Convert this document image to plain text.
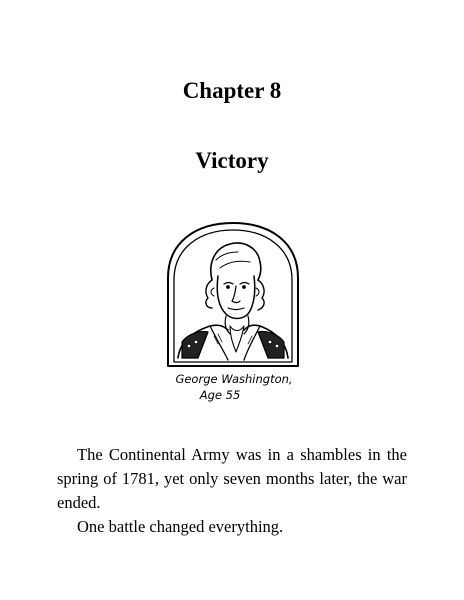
Chapter 8
Victory
George Washington,
Age 55

The Continental Army was in a shambles in the spring of 1781, yet only seven months later, the war ended.

One battle changed everything.
